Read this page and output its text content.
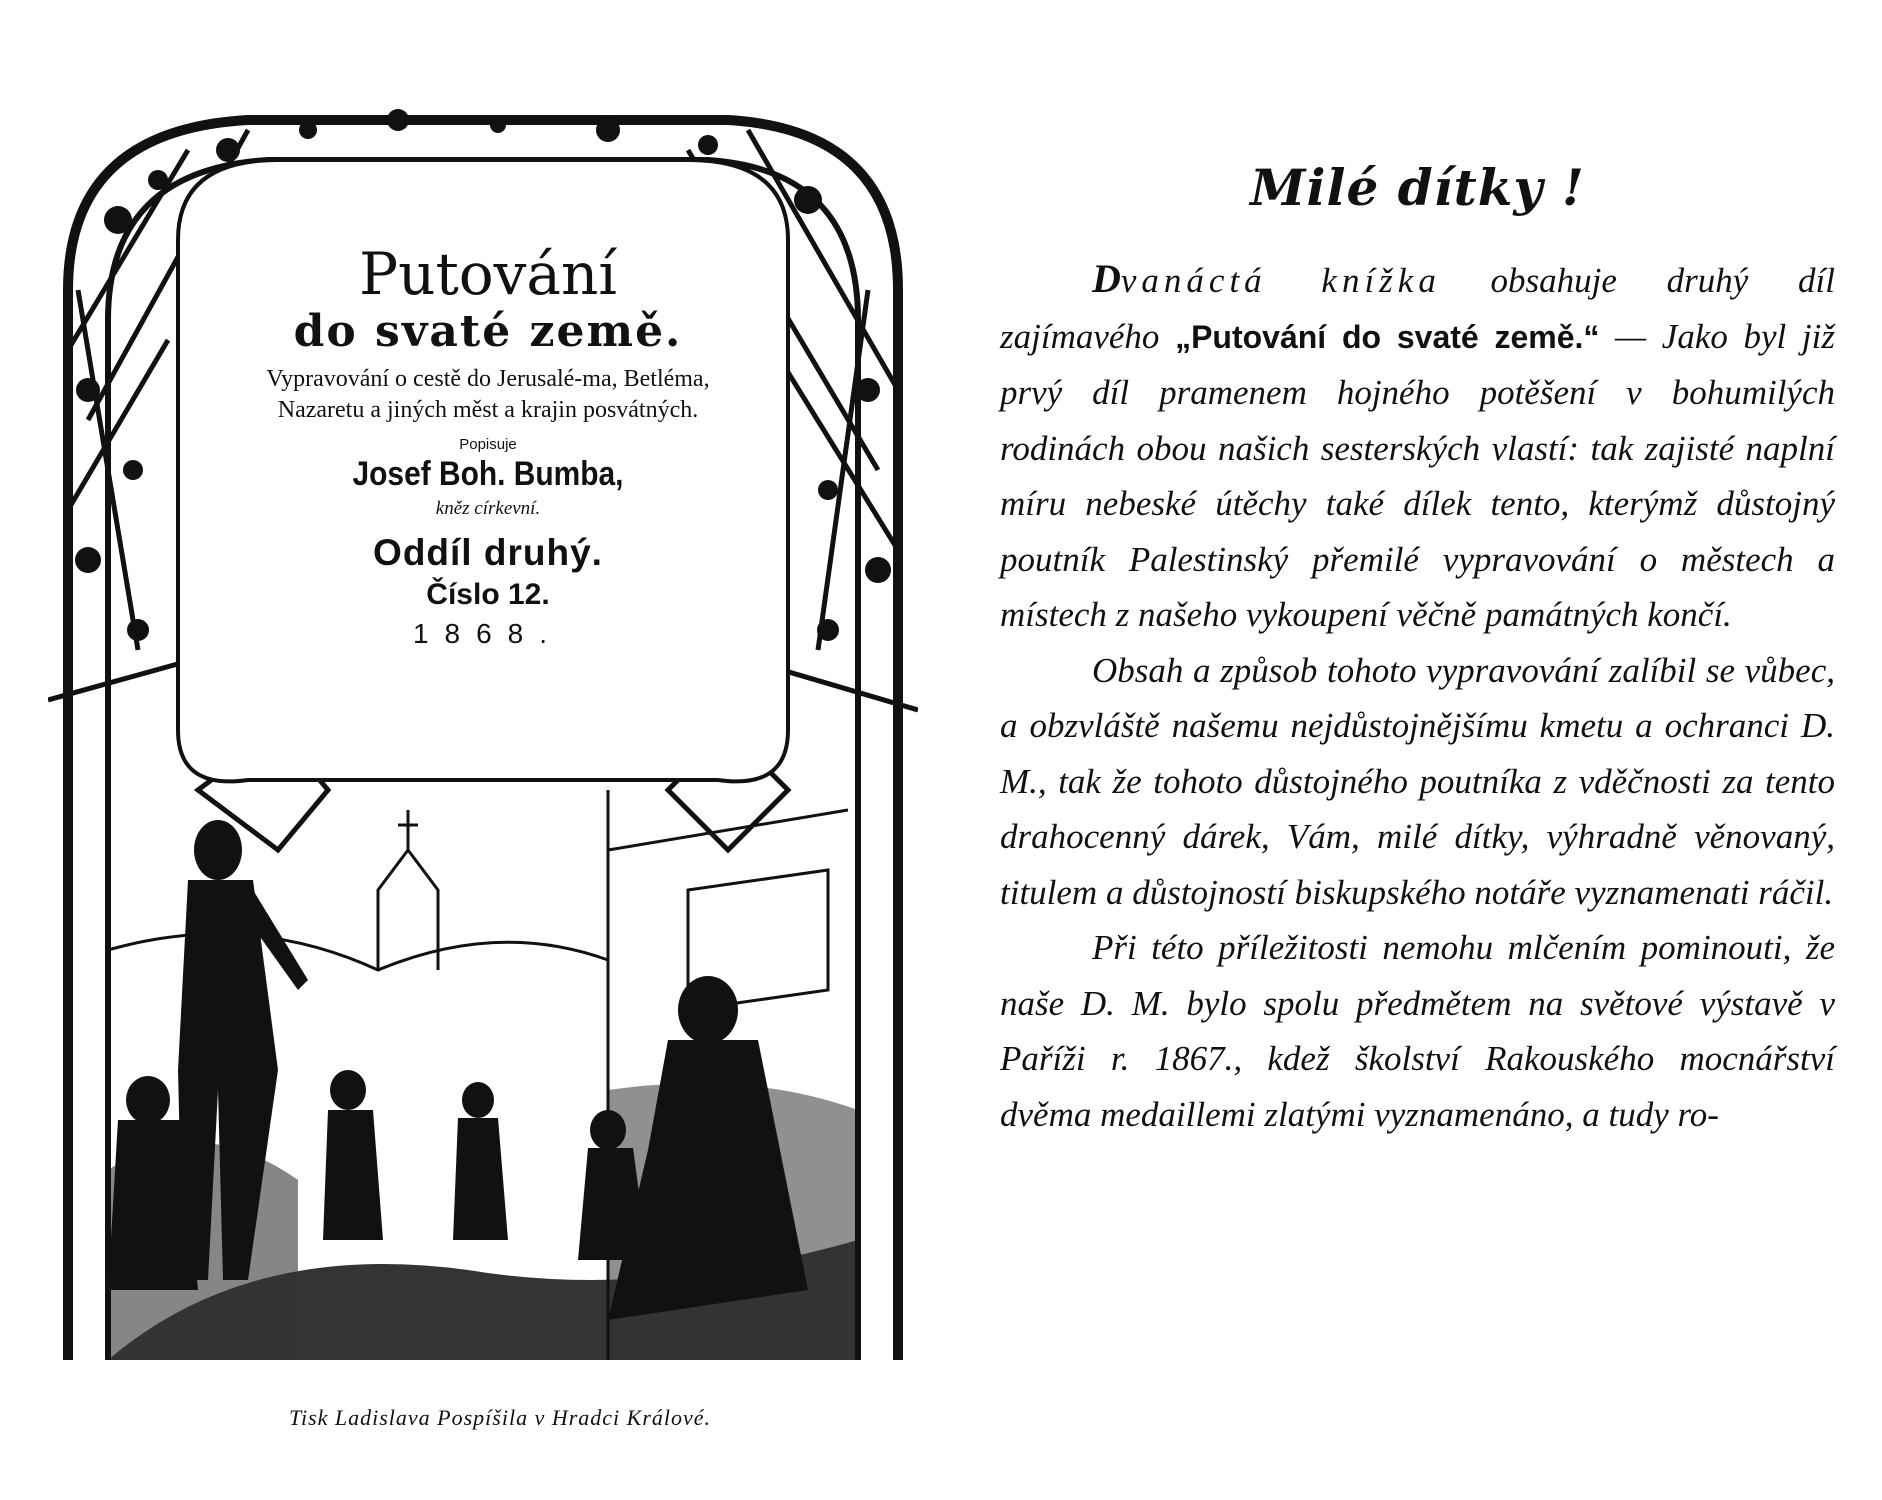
Putování
do svaté země.
Vypravování o cestě do Jerusalé-ma, Betléma, Nazaretu a jiných měst a krajin posvátných.
Popisuje
Josef Boh. Bumba,
kněz církevní.
Oddíl druhý.
Číslo 12.
1868.
Tisk Ladislava Pospíšila v Hradci Králové.
Milé dítky !

Dvanáctá knížka obsahuje druhý díl zajímavého „Putování do svaté země.“ — Jako byl již prvý díl pramenem hojného potěšení v bohumilých rodinách obou našich sesterských vlastí: tak zajisté naplní míru nebeské útěchy také dílek tento, kterýmž důstojný poutník Palestinský přemilé vypravování o městech a místech z našeho vykoupení věčně památných končí.

Obsah a způsob tohoto vypravování zalíbil se vůbec, a obzvláště našemu nejdůstojnějšímu kmetu a ochranci D. M., tak že tohoto důstojného poutníka z vděčnosti za tento drahocenný dárek, Vám, milé dítky, výhradně věnovaný, titulem a důstojností biskupského notáře vyznamenati ráčil.

Při této příležitosti nemohu mlčením pominouti, že naše D. M. bylo spolu předmětem na světové výstavě v Paříži r. 1867., kdež školství Rakouského mocnářství dvěma medaillemi zlatými vyznamenáno, a tudy ro-
